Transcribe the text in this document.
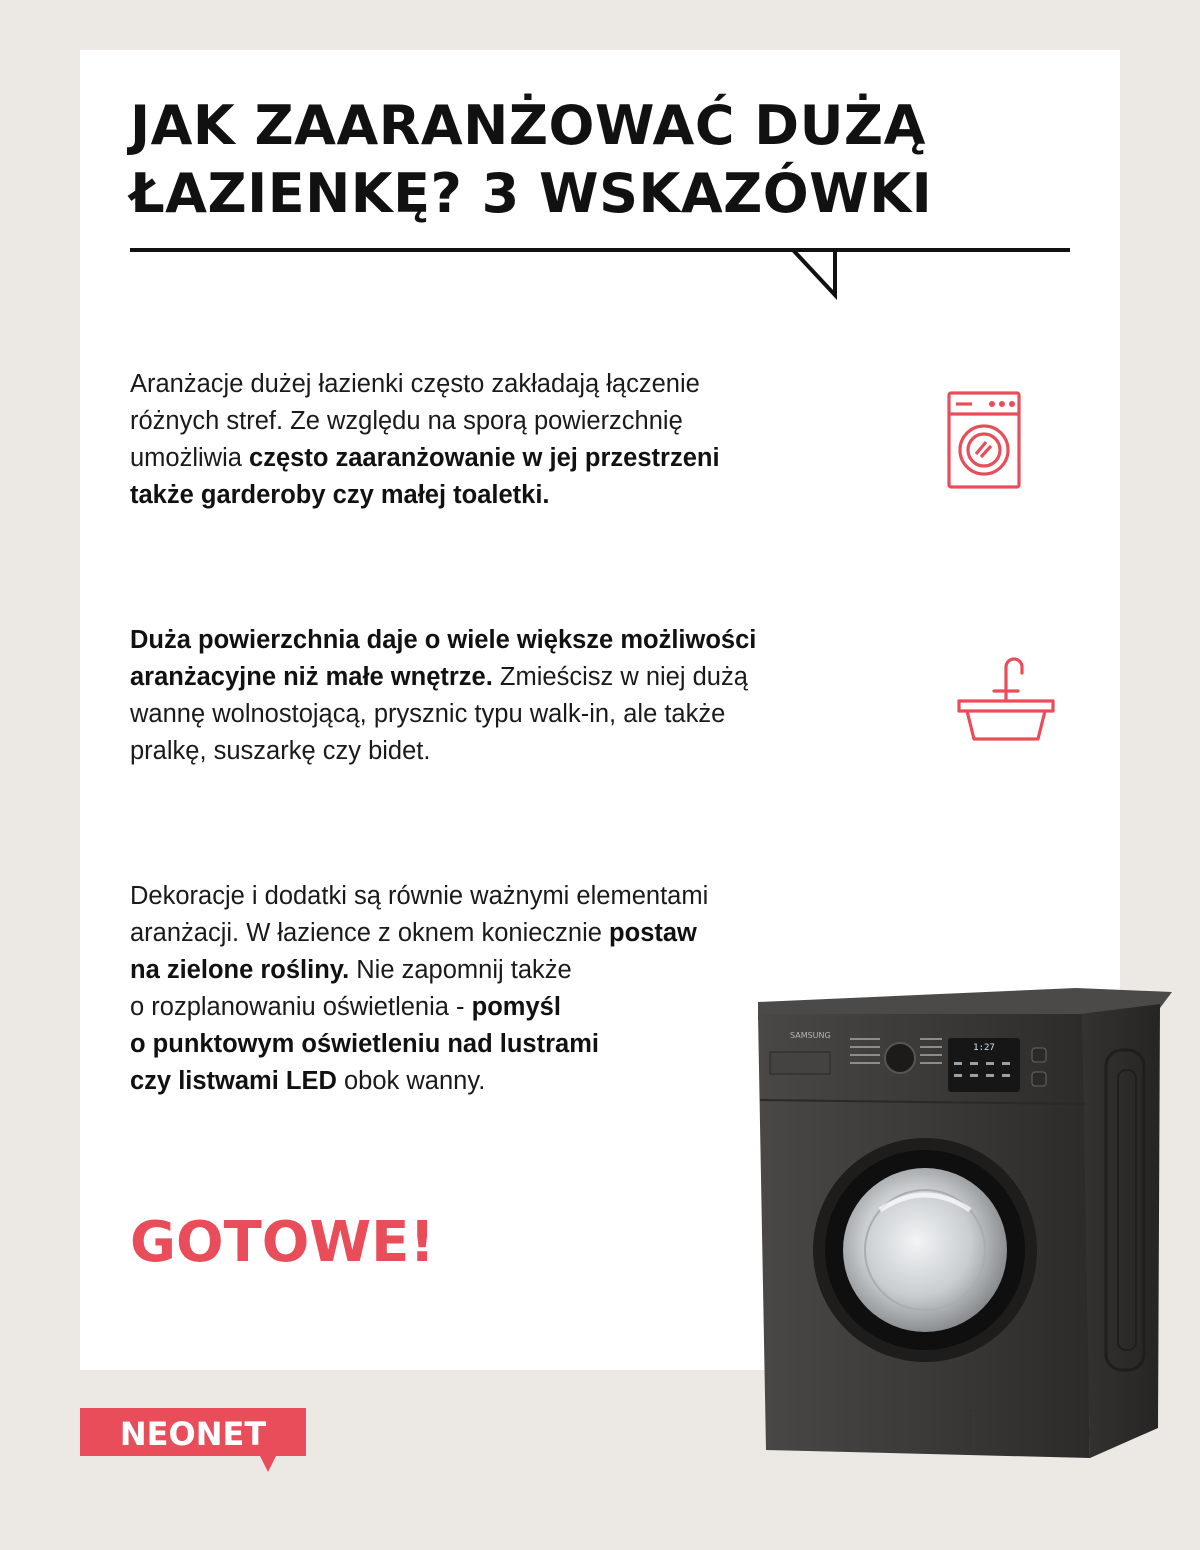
JAK ZAARANŻOWAĆ DUŻĄ
ŁAZIENKĘ? 3 WSKAZÓWKI

Aranżacje dużej łazienki często zakładają łączenie
różnych stref. Ze względu na sporą powierzchnię
umożliwia często zaaranżowanie w jej przestrzeni
także garderoby czy małej toaletki.

Duża powierzchnia daje o wiele większe możliwości
aranżacyjne niż małe wnętrze. Zmieścisz w niej dużą
wannę wolnostojącą, prysznic typu walk-in, ale także
pralkę, suszarkę czy bidet.

Dekoracje i dodatki są równie ważnymi elementami
aranżacji. W łazience z oknem koniecznie postaw
na zielone rośliny. Nie zapomnij także
o rozplanowaniu oświetlenia - pomyśl
o punktowym oświetleniu nad lustrami
czy listwami LED obok wanny.

GOTOWE!
SAMSUNG
1:27
NEONET
